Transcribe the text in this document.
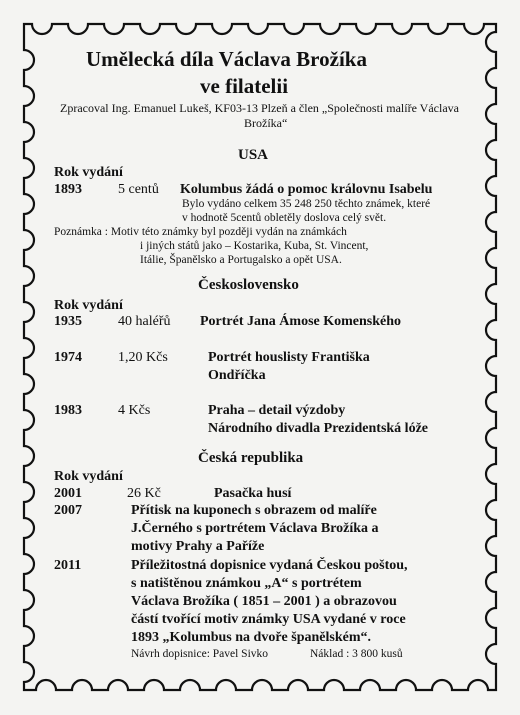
Umělecká díla Václava Brožíka
ve filatelii
Zpracoval Ing. Emanuel Lukeš, KF03-13 Plzeň a člen „Společnosti malíře Václava
Brožíka“
USA
Rok vydání
1893	5 centů Kolumbus žádá o pomoc královnu Isabelu
Bylo vydáno celkem 35 248 250 těchto známek, které
v hodnotě 5centů obletěly doslova celý svět.
Poznámka : Motiv této známky byl později vydán na známkách
i jiných států jako – Kostarika, Kuba, St. Vincent,
Itálie, Španělsko a Portugalsko a opět USA.
Československo
Rok vydání
1935	40 haléřů Portrét Jana Ámose Komenského
1974	1,20 Kčs	Portrét houslisty Františka
Ondříčka
1983	4 Kčs	Praha – detail výzdoby
Národního divadla Prezidentská lóže
Česká republika
Rok vydání
2001	26 Kč	Pasačka husí
2007	Přítisk na kuponech s obrazem od malíře
J.Černého s portrétem Václava Brožíka a
motivy Prahy a Paříže
2011	Příležitostná dopisnice vydaná Českou poštou,
s natištěnou známkou „A“ s portrétem
Václava Brožíka ( 1851 – 2001 ) a obrazovou
částí tvořící motiv známky USA vydané v roce
1893 „Kolumbus na dvoře španělském“.
Návrh dopisnice: Pavel Sivko	Náklad : 3 800 kusů
